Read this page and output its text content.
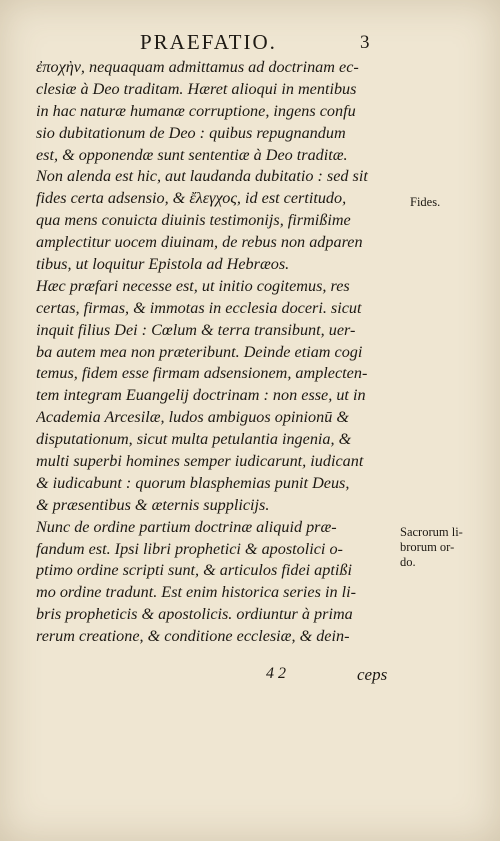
PRAEFATIO.	3
ἐπoχὴν, nequaquam admittamus ad doctrinam ec-
clesiæ à Deo traditam. Hæret alioqui in mentibus
in hac naturæ humanæ corruptione, ingens confu
sio dubitationum de Deo : quibus repugnandum
est, & opponendæ sunt sententiæ à Deo traditæ.
Non alenda est hic, aut laudanda dubitatio : sed sit
fides certa adsensio, & ἔλεγχος, id est certitudo,
qua mens conuicta diuinis testimonijs, firmißime
amplectitur uocem diuinam, de rebus non adparen
tibus, ut loquitur Epistola ad Hebræos.
Hæc præfari necesse est, ut initio cogitemus, res
certas, firmas, & immotas in ecclesia doceri. sicut
inquit filius Dei : Cœlum & terra transibunt, uer-
ba autem mea non præteribunt. Deinde etiam cogi
temus, fidem esse firmam adsensionem, amplecten-
tem integram Euangelij doctrinam : non esse, ut in
Academia Arcesilæ, ludos ambiguos opinionū &
disputationum, sicut multa petulantia ingenia, &
multi superbi homines semper iudicarunt, iudicant
& iudicabunt : quorum blasphemias punit Deus,
& præsentibus & æternis supplicijs.
Nunc de ordine partium doctrinæ aliquid præ-
fandum est. Ipsi libri prophetici & apostolici o-
ptimo ordine scripti sunt, & articulos fidei aptißi
mo ordine tradunt. Est enim historica series in li-
bris propheticis & apostolicis. ordiuntur à prima
rerum creatione, & conditione ecclesiæ, & dein-
Fides.
Sacrorum li-
brorum or-
do.
4 2	ceps
